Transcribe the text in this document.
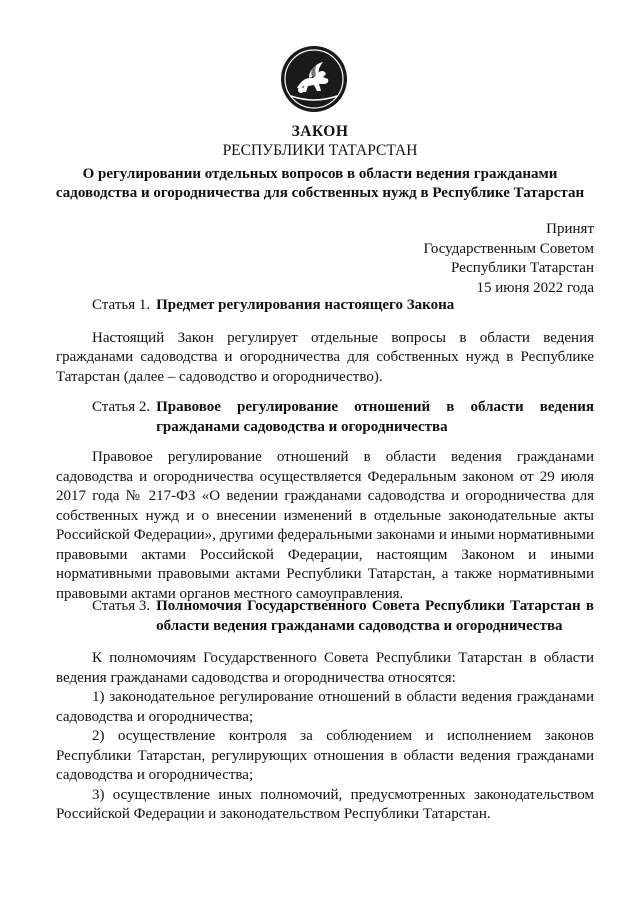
ЗАКОН
РЕСПУБЛИКИ ТАТАРСТАН
О регулировании отдельных вопросов в области ведения гражданами
садоводства и огородничества для собственных нужд в Республике Татарстан
Принят
Государственным Советом
Республики Татарстан
15 июня 2022 года
Статья 1. Предмет регулирования настоящего Закона

Настоящий Закон регулирует отдельные вопросы в области ведения гражданами садоводства и огородничества для собственных нужд в Республике Татарстан (далее – садоводство и огородничество).

Статья 2. Правовое регулирование отношений в области ведения гражданами садоводства и огородничества

Правовое регулирование отношений в области ведения гражданами садоводства и огородничества осуществляется Федеральным законом от 29 июля 2017 года № 217-ФЗ «О ведении гражданами садоводства и огородничества для собственных нужд и о внесении изменений в отдельные законодательные акты Российской Федерации», другими федеральными законами и иными нормативными правовыми актами Российской Федерации, настоящим Законом и иными нормативными правовыми актами Республики Татарстан, а также нормативными правовыми актами органов местного самоуправления.

Статья 3. Полномочия Государственного Совета Республики Татарстан в области ведения гражданами садоводства и огородничества

К полномочиям Государственного Совета Республики Татарстан в области ведения гражданами садоводства и огородничества относятся:

1) законодательное регулирование отношений в области ведения гражданами садоводства и огородничества;

2) осуществление контроля за соблюдением и исполнением законов Республики Татарстан, регулирующих отношения в области ведения гражданами садоводства и огородничества;

3) осуществление иных полномочий, предусмотренных законодательством Российской Федерации и законодательством Республики Татарстан.
